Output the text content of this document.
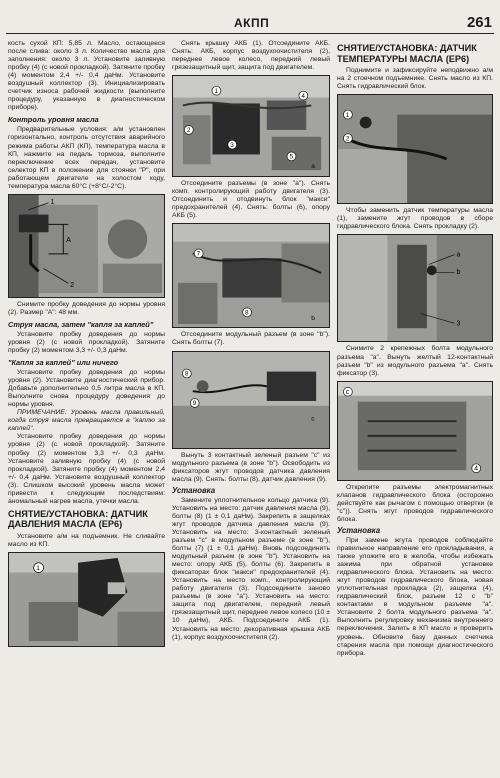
АКПП	261

кость сухой КП: 5,85 л. Масло, остающееся после слива: около 3 л. Количество масла для заполнения: около 3 л. Установите заливную пробку (4) (с новой прокладкой). Затяните пробку (4) моментом 2,4 +/- 0,4 даНм. Установите воздушный коллектор (3). Инициализировать счетчик износа рабочей жидкости (выполните процедуру, указанную в диагностическом приборе).

Контроль уровня масла

Предварительные условия: а/м установлен горизонтально, контроль отсутствия аварийного режима работы АКП (КП), температура масла в КП, нажмите на педаль тормоза, выполните переключение всех передач, установите селектор КП в положение для стоянки "P", при работающем двигателе на холостом ходу, температура масла 60°C (+8°C/-2°C).

A
1
2

Снимите пробку доведения до нормы уровня (2). Размер "A": 48 мм.

Струя масла, затем "капля за каплей"

Установите пробку доведения до нормы уровня (2) (с новой прокладкой). Затяните пробку (2) моментом 3,3 +/- 0,3 даНм.

"Капля за каплей" или ничего

Установите пробку доведения до нормы уровня (2). Установите диагностический прибор. Добавьте дополнительно 0,5 литра масла в КП. Выполните снова процедуру доведения до нормы уровня.

ПРИМЕЧАНИЕ: Уровень масла правильный, когда струя масла превращается в "каплю за каплей".

Установите пробку доведения до нормы уровня (2) (с новой прокладкой). Затяните пробку (2) моментом 3,3 +/- 0,3 даНм. Установите заливную пробку (4) (с новой прокладкой). Затяните пробку (4) моментом 2,4 +/- 0,4 даНм. Установите воздушный коллектор (3). Слишком высокий уровень масла может привести к следующим последствиям: аномальный нагрев масла, утечки масла.

СНЯТИЕ/УСТАНОВКА: ДАТЧИК ДАВЛЕНИЯ МАСЛА (EP6)

Установите а/м на подъемник. Не сливайте масло из КП.

1

Снять крышку АКБ (1). Отсоедините АКБ. Снять: АКБ, корпус воздухоочистителя (2), переднее левое колесо, передний левый грязезащитный щит, защита под двигателем.

1
2
3
4
5
a

Отсоедините разъемы (в зоне "a"). Снять комп. контролирующий работу двигателя (3). Отсоединить и отодвинуть блок "макси" предохранителей (4). Снять: болты (6), опору АКБ (5).

7
8
b

Отсоедините модульный разъем (в зоне "b"). Снять болты (7).

8
9
c

Вынуть 3 контактный зеленый разъем "c" из модульного разъема (в зоне "b"). Освободить из фиксаторов жгут проводов датчика давления масла (9). Снять: болты (8), датчик давления (9).

Установка

Замените уплотнительное кольцо датчика (9). Установить на место: датчик давления масла (9), болты (8) (1 ± 0,1 даНм). Закрепить в защелках жгут проводов датчика давления масла (9). Установить на место: 3-контактный зеленый разъем "c" в модульном разъеме (в зоне "b"), болты (7) (1 ± 0,1 даНм). Вновь подсоединить модульный разъем (в зоне "b"). Установить на место: опору АКБ (5), болты (6). Закрепить в фиксаторах блок "макси" предохранителей (4). Установить на место комп., контролирующий работу двигателя (3). Подсоедините заново разъемы (в зоне "a"). Установить на место: защита под двигателем, передний левый грязезащитный щит, переднее левое колесо (10 ± 10 даНм), АКБ. Подсоедините АКБ (1). Установить на место: декоративная крышка АКБ (1), корпус воздухоочистителя (2).

СНЯТИЕ/УСТАНОВКА: ДАТЧИК ТЕМПЕРАТУРЫ МАСЛА (EP6)

Поднимите и зафиксируйте неподвижно а/м на 2 стоечном подъемнике. Снять масло из КП. Снять гидравлический блок.

1
2

Чтобы заменить датчик температуры масла (1), замените жгут проводов в сборе гидравлического блока. Снять прокладку (2).

a
b
3

Снимите 2 крепежных болта модульного разъема "a". Вынуть желтый 12-контактный разъем "b" из модульного разъема "a". Снять фиксатор (3).

c
4

Открепите разъемы электромагнитных клапанов гидравлического блока (осторожно действуйте как рычагом с помощью отвертки (в "c")). Снять жгут проводов гидравлического блока.

Установка

При замене жгута проводов соблюдайте правильное направление его прокладывания, а также уложите его в желоба, чтобы избежать зажима при обратной установке гидравлического блока. Установить на место: жгут проводов гидравлического блока, новая уплотнительная прокладка (2), защелка (4), гидравлический блок, разъем 12 с "b" контактами в модульном разъеме "a". Установите 2 болта модульного разъема "a". Выполнить регулировку механизма внутреннего переключения. Залить в КП масло и проверить уровень. Обновите базу данных счетчика старения масла при помощи диагностического прибора.
